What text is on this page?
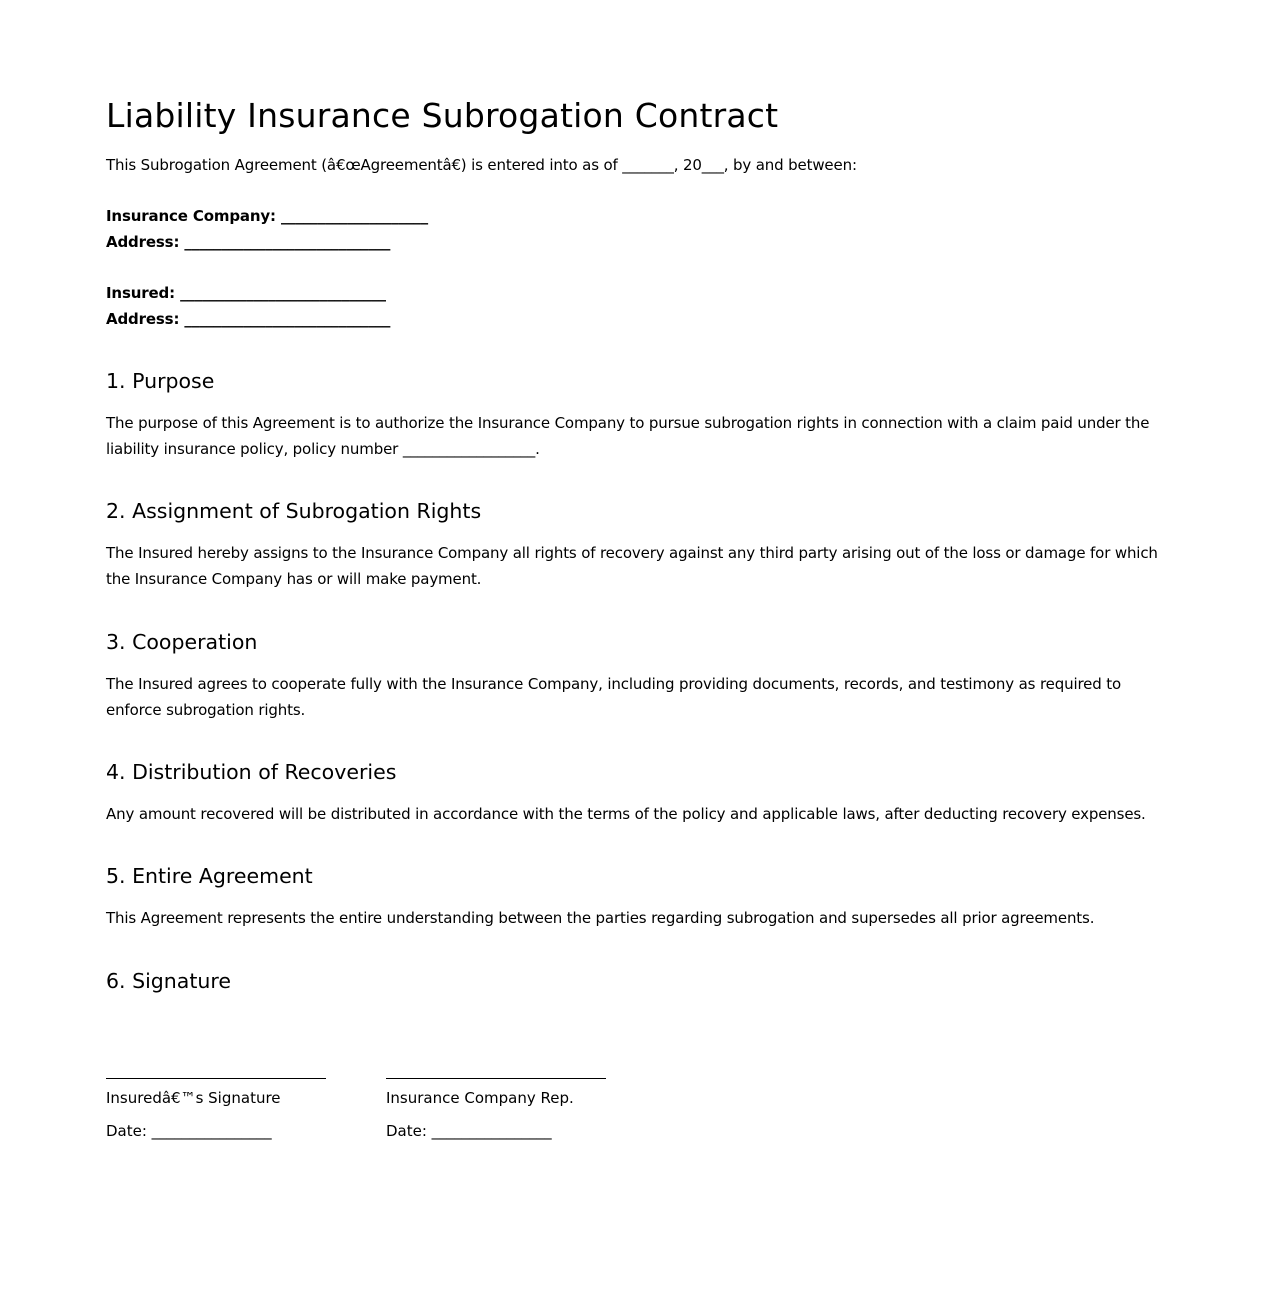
Liability Insurance Subrogation Contract

This Subrogation Agreement (â€œAgreementâ€) is entered into as of _______, 20___, by and between:

Insurance Company: ____________________
Address: ____________________________
Insured: ____________________________
Address: ____________________________
1. Purpose

The purpose of this Agreement is to authorize the Insurance Company to pursue subrogation rights in connection with a claim paid under the liability insurance policy, policy number __________________.

2. Assignment of Subrogation Rights

The Insured hereby assigns to the Insurance Company all rights of recovery against any third party arising out of the loss or damage for which the Insurance Company has or will make payment.

3. Cooperation

The Insured agrees to cooperate fully with the Insurance Company, including providing documents, records, and testimony as required to enforce subrogation rights.

4. Distribution of Recoveries

Any amount recovered will be distributed in accordance with the terms of the policy and applicable laws, after deducting recovery expenses.

5. Entire Agreement

This Agreement represents the entire understanding between the parties regarding subrogation and supersedes all prior agreements.

6. Signature
Insuredâ€™s Signature
Date: ________________
Insurance Company Rep.
Date: ________________
